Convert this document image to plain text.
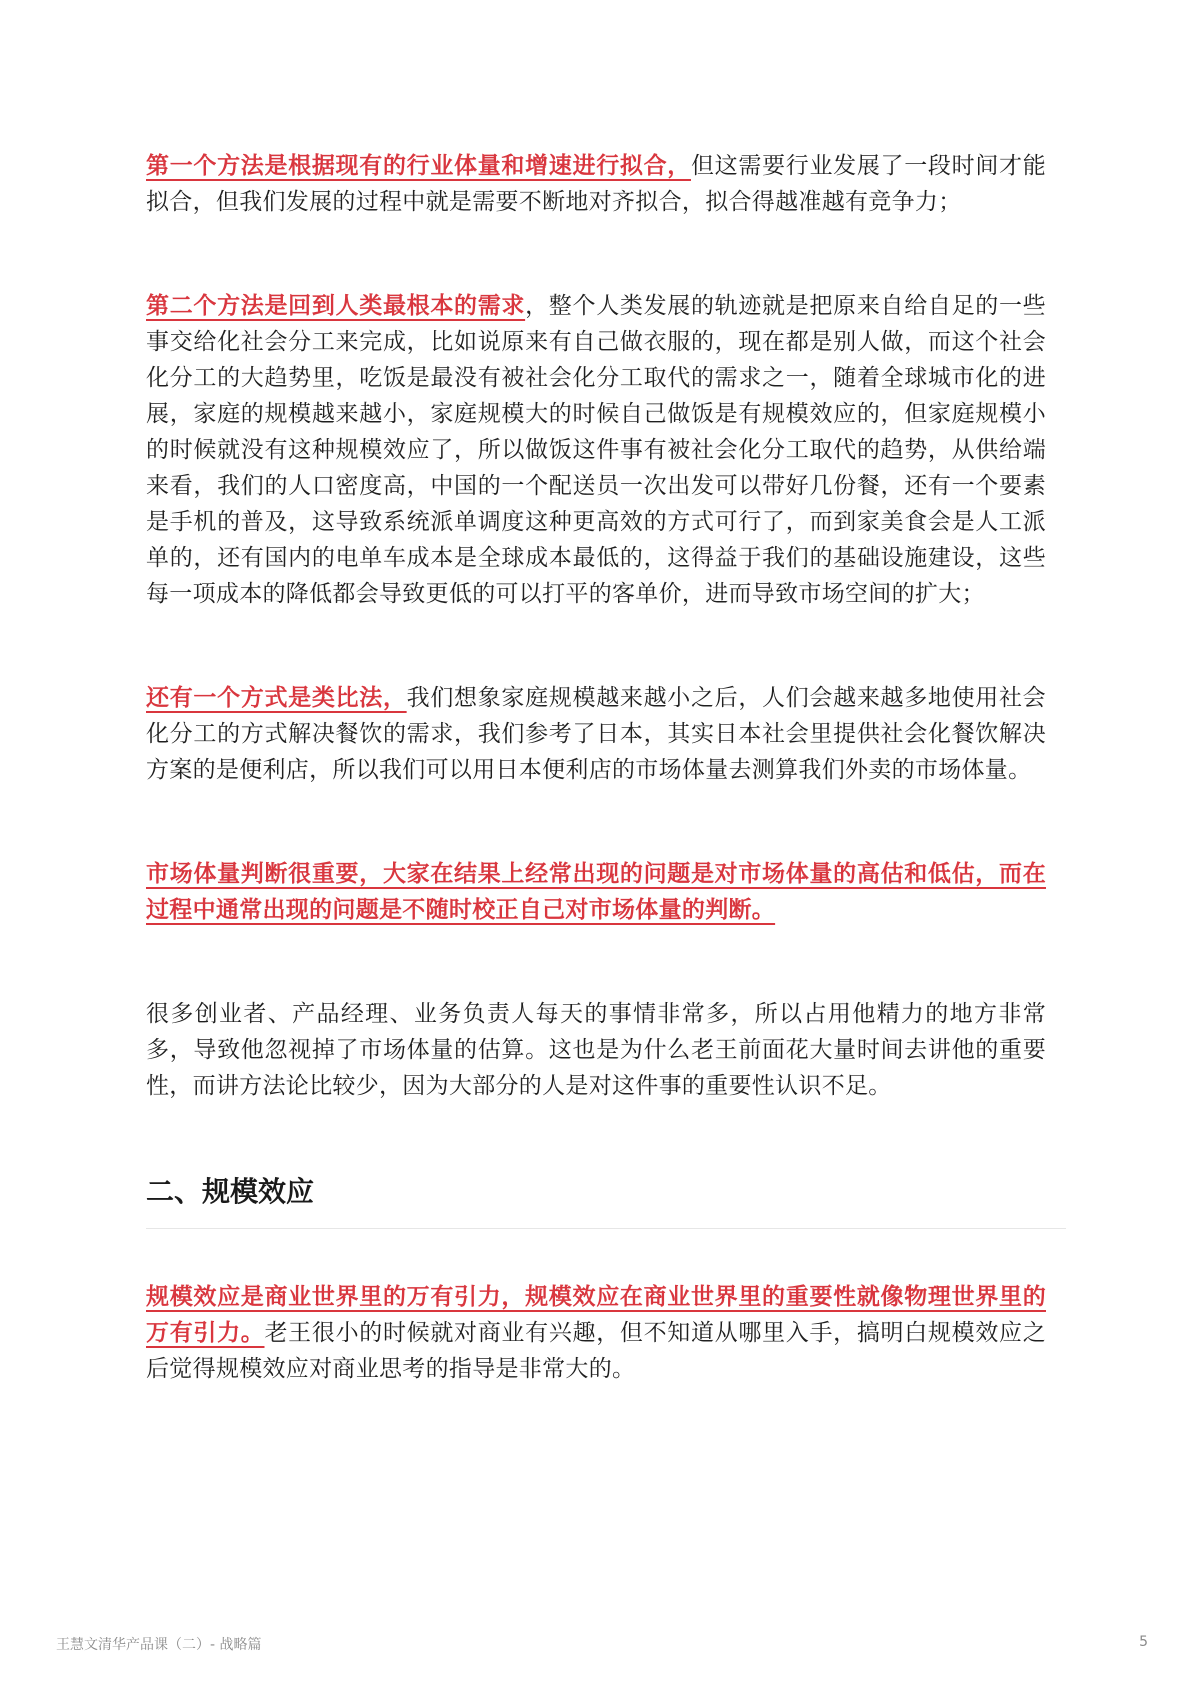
第一个方法是根据现有的行业体量和增速进行拟合，但这需要行业发展了一段时间才能拟合，但我们发展的过程中就是需要不断地对齐拟合，拟合得越准越有竞争力；

第二个方法是回到人类最根本的需求，整个人类发展的轨迹就是把原来自给自足的一些事交给化社会分工来完成，比如说原来有自己做衣服的，现在都是别人做，而这个社会化分工的大趋势里，吃饭是最没有被社会化分工取代的需求之一，随着全球城市化的进展，家庭的规模越来越小，家庭规模大的时候自己做饭是有规模效应的，但家庭规模小的时候就没有这种规模效应了，所以做饭这件事有被社会化分工取代的趋势，从供给端来看，我们的人口密度高，中国的一个配送员一次出发可以带好几份餐，还有一个要素是手机的普及，这导致系统派单调度这种更高效的方式可行了，而到家美食会是人工派单的，还有国内的电单车成本是全球成本最低的，这得益于我们的基础设施建设，这些每一项成本的降低都会导致更低的可以打平的客单价，进而导致市场空间的扩大；

还有一个方式是类比法，我们想象家庭规模越来越小之后，人们会越来越多地使用社会化分工的方式解决餐饮的需求，我们参考了日本，其实日本社会里提供社会化餐饮解决方案的是便利店，所以我们可以用日本便利店的市场体量去测算我们外卖的市场体量。

市场体量判断很重要，大家在结果上经常出现的问题是对市场体量的高估和低估，而在过程中通常出现的问题是不随时校正自己对市场体量的判断。

很多创业者、产品经理、业务负责人每天的事情非常多，所以占用他精力的地方非常多，导致他忽视掉了市场体量的估算。这也是为什么老王前面花大量时间去讲他的重要性，而讲方法论比较少，因为大部分的人是对这件事的重要性认识不足。

二、规模效应

规模效应是商业世界里的万有引力，规模效应在商业世界里的重要性就像物理世界里的万有引力。老王很小的时候就对商业有兴趣，但不知道从哪里入手，搞明白规模效应之后觉得规模效应对商业思考的指导是非常大的。

王慧文清华产品课（二）- 战略篇	5
